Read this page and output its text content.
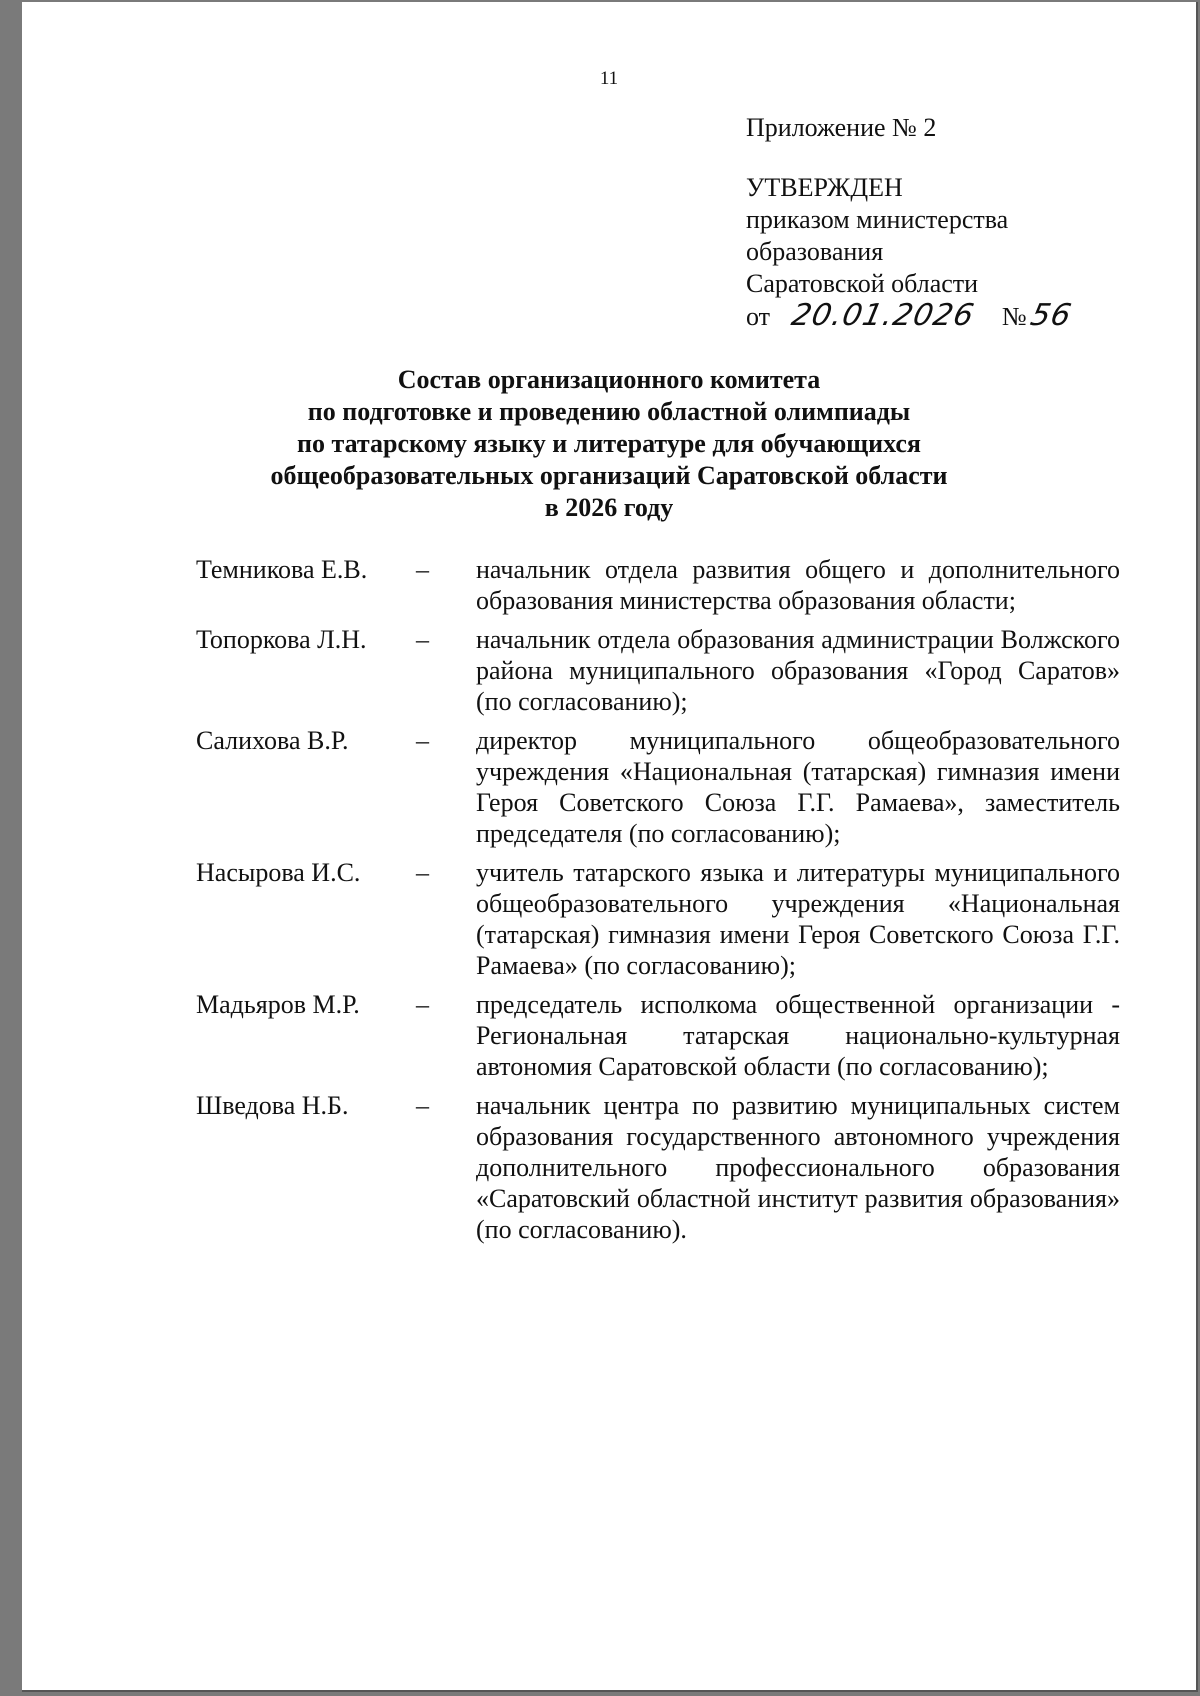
11
Приложение № 2
УТВЕРЖДЕН
приказом министерства
образования
Саратовской области
от 20.01.2026 № 56
Состав организационного комитета
по подготовке и проведению областной олимпиады
по татарскому языку и литературе для обучающихся
общеобразовательных организаций Саратовской области
в 2026 году
Темникова Е.В.	–	начальник отдела развития общего и дополнительного образования министерства образования области;
Топоркова Л.Н.	–	начальник отдела образования администрации Волжского района муниципального образования «Город Саратов» (по согласованию);
Салихова В.Р.	–	директор муниципального общеобразовательного учреждения «Национальная (татарская) гимназия имени Героя Советского Союза Г.Г. Рамаева», заместитель председателя (по согласованию);
Насырова И.С.	–	учитель татарского языка и литературы муниципального общеобразовательного учреждения «Национальная (татарская) гимназия имени Героя Советского Союза Г.Г. Рамаева» (по согласованию);
Мадьяров М.Р.	–	председатель исполкома общественной организации - Региональная татарская национально-культурная автономия Саратовской области (по согласованию);
Шведова Н.Б.	–	начальник центра по развитию муниципальных систем образования государственного автономного учреждения дополнительного профессионального образования «Саратовский областной институт развития образования» (по согласованию).
